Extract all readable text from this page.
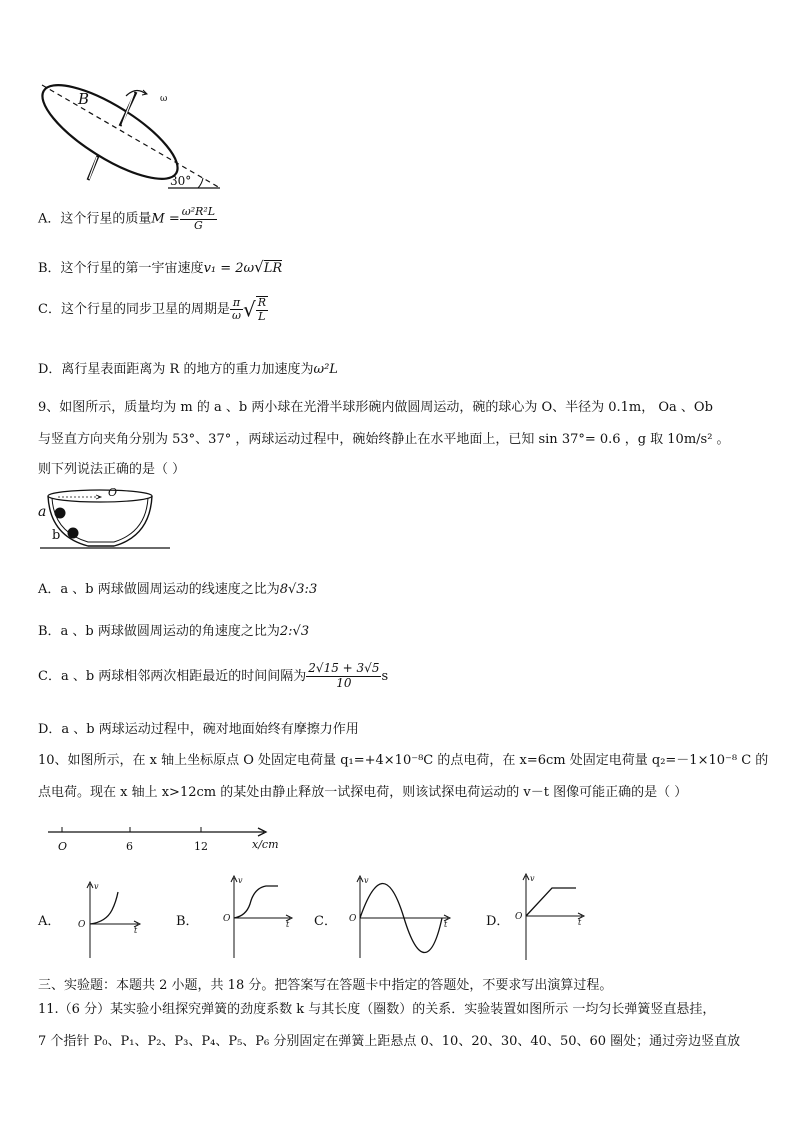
B	ω
30°
A．这个行星的质量$M = \frac{\text{ω²R²L}}{G}$
B．这个行星的第一宇宙速度v₁ = 2ω√LR
C．这个行星的同步卫星的周期是 $\frac{\pi}{\omega}$ √ $\frac{R}{L}$
D．离行星表面距离为 R 的地方的重力加速度为ω²L
9、如图所示，质量均为 m 的 a 、b 两小球在光滑半球形碗内做圆周运动，碗的球心为 O、半径为 0.1m， Oa 、Ob
与竖直方向夹角分别为 53°、37° ，两球运动过程中，碗始终静止在水平地面上，已知 sin 37°= 0.6 ，g 取 10m/s² 。
则下列说法正确的是（ ）
O
a
b
A．a 、b 两球做圆周运动的线速度之比为8√3:3
B．a 、b 两球做圆周运动的角速度之比为2:√3
C．a 、b 两球相邻两次相距最近的时间间隔为 $\frac{2√15 + 3√5}{10}$ s
D．a 、b 两球运动过程中，碗对地面始终有摩擦力作用
10、如图所示，在 x 轴上坐标原点 O 处固定电荷量 q₁=+4×10⁻⁸C 的点电荷，在 x=6cm 处固定电荷量 q₂=－1×10⁻⁸ C 的
点电荷。现在 x 轴上 x>12cm 的某处由静止释放一试探电荷，则该试探电荷运动的 v－t 图像可能正确的是（ ）
O	6	12	x/cm
A．
v
O
t
B．
v
O
t C．
v
O
t	D．
v
O
t
三、实验题：本题共 2 小题，共 18 分。把答案写在答题卡中指定的答题处，不要求写出演算过程。
11.（6 分）某实验小组探究弹簧的劲度系数 k 与其长度（圈数）的关系．实验装置如图所示 一均匀长弹簧竖直悬挂，
7 个指针 P₀、P₁、P₂、P₃、P₄、P₅、P₆ 分别固定在弹簧上距悬点 0、10、20、30、40、50、60 圈处；通过旁边竖直放
